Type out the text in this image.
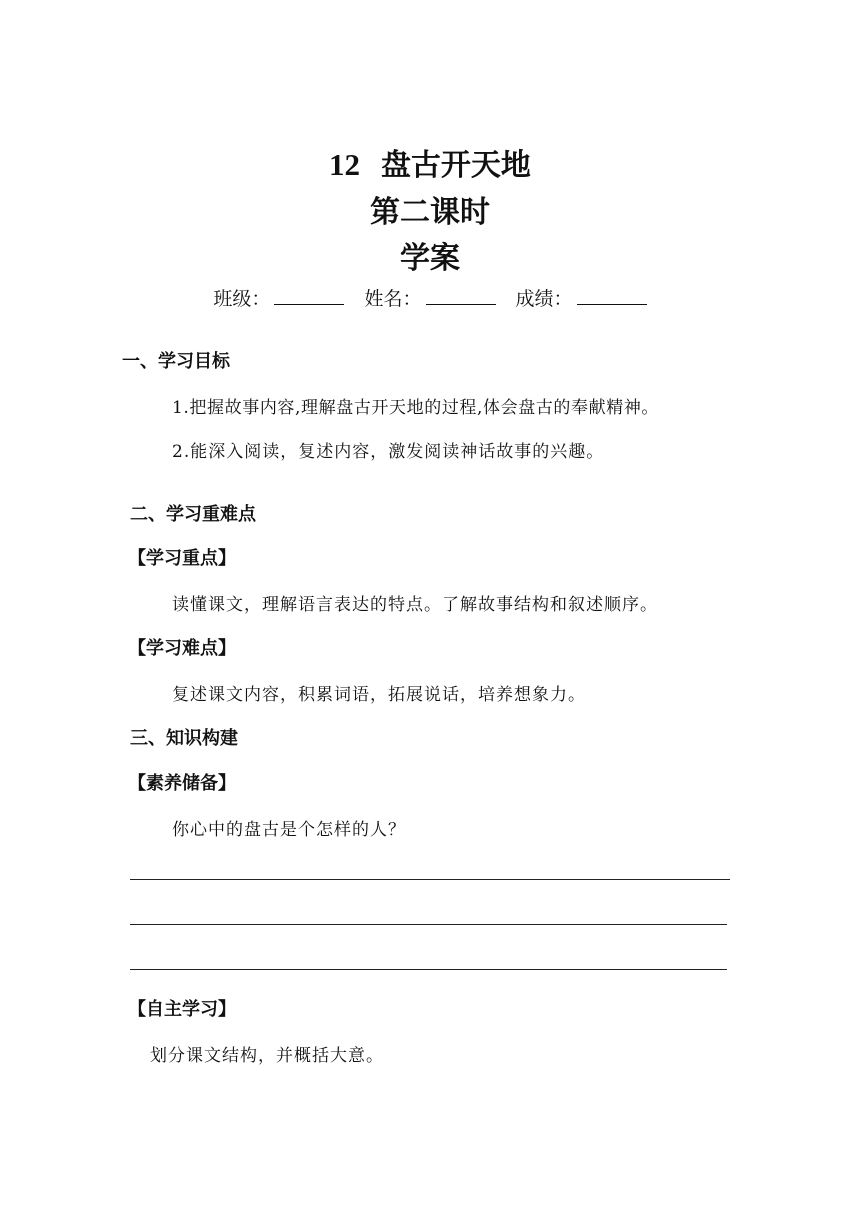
12 盘古开天地
第二课时
学案
班级：	姓名：	成绩：
一、学习目标
1.把握故事内容,理解盘古开天地的过程,体会盘古的奉献精神。
2.能深入阅读，复述内容，激发阅读神话故事的兴趣。
二、学习重难点
【学习重点】
读懂课文，理解语言表达的特点。了解故事结构和叙述顺序。
【学习难点】
复述课文内容，积累词语，拓展说话，培养想象力。
三、知识构建
【素养储备】
你心中的盘古是个怎样的人？
【自主学习】
划分课文结构，并概括大意。
